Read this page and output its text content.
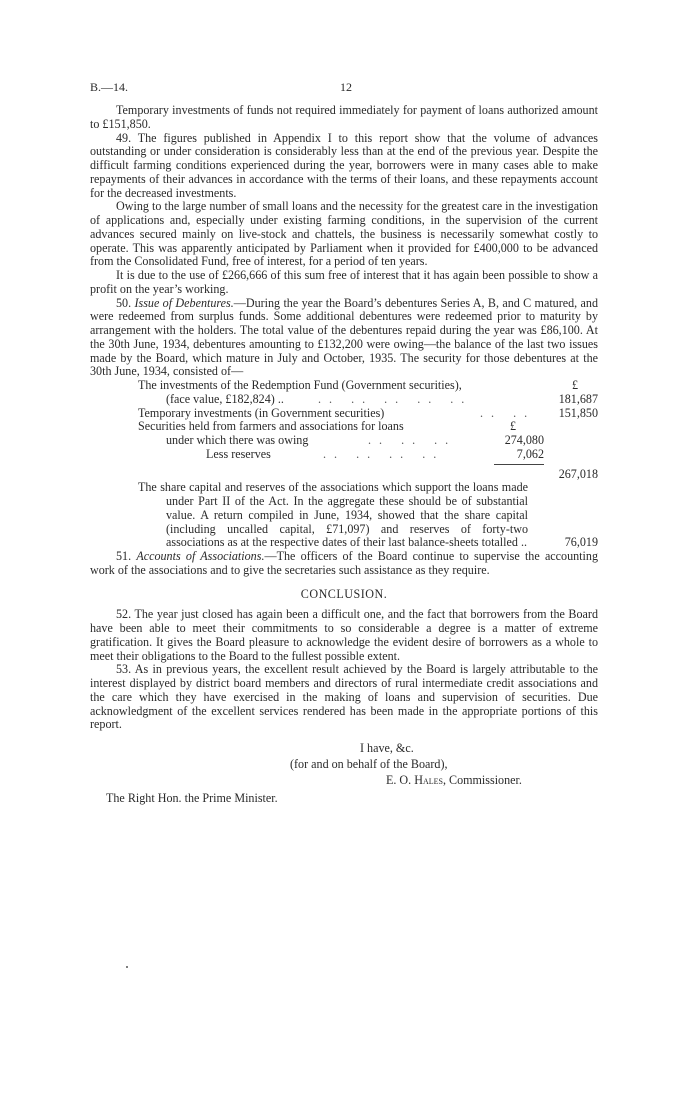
B.—14.	12

Temporary investments of funds not required immediately for payment of loans authorized amount to £151,850.

49. The figures published in Appendix I to this report show that the volume of advances outstanding or under consideration is considerably less than at the end of the previous year. Despite the difficult farming conditions experienced during the year, borrowers were in many cases able to make repayments of their advances in accordance with the terms of their loans, and these repayments account for the decreased investments.

Owing to the large number of small loans and the necessity for the greatest care in the investigation of applications and, especially under existing farming conditions, in the supervision of the current advances secured mainly on live-stock and chattels, the business is necessarily somewhat costly to operate. This was apparently anticipated by Parliament when it provided for £400,000 to be advanced from the Consolidated Fund, free of interest, for a period of ten years.

It is due to the use of £266,666 of this sum free of interest that it has again been possible to show a profit on the year’s working.

50. Issue of Debentures.—During the year the Board’s debentures Series A, B, and C matured, and were redeemed from surplus funds. Some additional debentures were redeemed prior to maturity by arrangement with the holders. The total value of the debentures repaid during the year was £86,100. At the 30th June, 1934, debentures amounting to £132,200 were owing—the balance of the last two issues made by the Board, which mature in July and October, 1935. The security for those debentures at the 30th June, 1934, consisted of—

The investments of the Redemption Fund (Government securities),	£
(face value, £182,824) ..	.. .. .. .. ..	181,687
Temporary investments (in Government securities)	.. .. 151,850
Securities held from farmers and associations for loans	£
under which there was owing	.. .. ..	274,080
Less reserves	.. .. .. ..	7,062
267,018

The share capital and reserves of the associations which support the loans made under Part II of the Act. In the aggregate these should be of substantial value. A return compiled in June, 1934, showed that the share capital (including uncalled capital, £71,097) and reserves of forty-two associations as at the respective dates of their last balance-sheets totalled ..	76,019

51. Accounts of Associations.—The officers of the Board continue to supervise the accounting work of the associations and to give the secretaries such assistance as they require.

CONCLUSION.

52. The year just closed has again been a difficult one, and the fact that borrowers from the Board have been able to meet their commitments to so considerable a degree is a matter of extreme gratification. It gives the Board pleasure to acknowledge the evident desire of borrowers as a whole to meet their obligations to the Board to the fullest possible extent.

53. As in previous years, the excellent result achieved by the Board is largely attributable to the interest displayed by district board members and directors of rural intermediate credit associations and the care which they have exercised in the making of loans and supervision of securities. Due acknowledgment of the excellent services rendered has been made in the appropriate portions of this report.

I have, &c.
(for and on behalf of the Board),
E. O. Hales, Commissioner.
The Right Hon. the Prime Minister.
